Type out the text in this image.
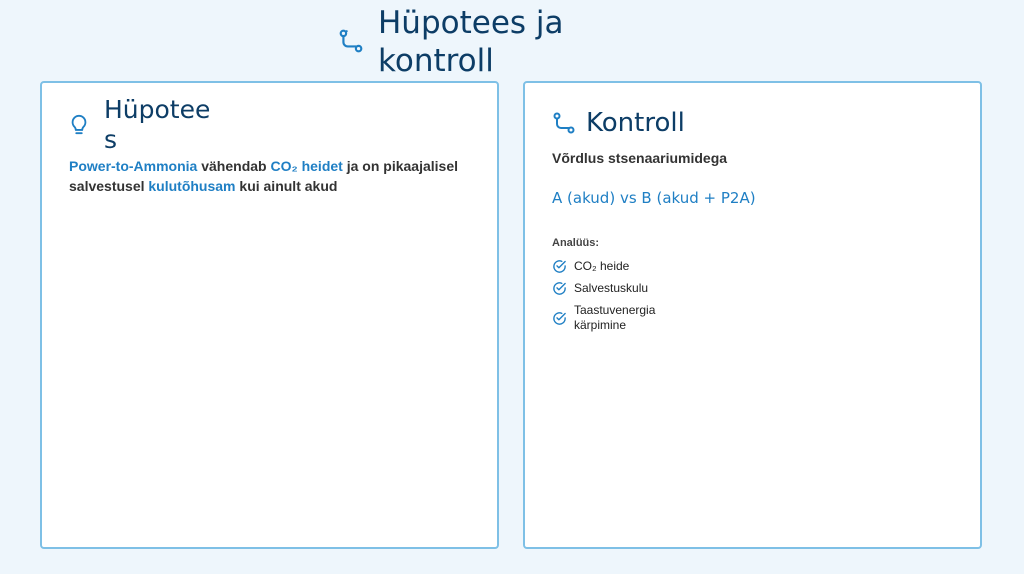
Hüpotees ja kontroll
Hüpotees
Power-to-Ammonia vähendab CO₂ heidet ja on pikaajalisel salvestusel kulutõhusam kui ainult akud
Kontroll
Võrdlus stsenaariumidega
A (akud) vs B (akud + P2A)
Analüüs:
CO₂ heide
Salvestuskulu
Taastuvenergia kärpimine
